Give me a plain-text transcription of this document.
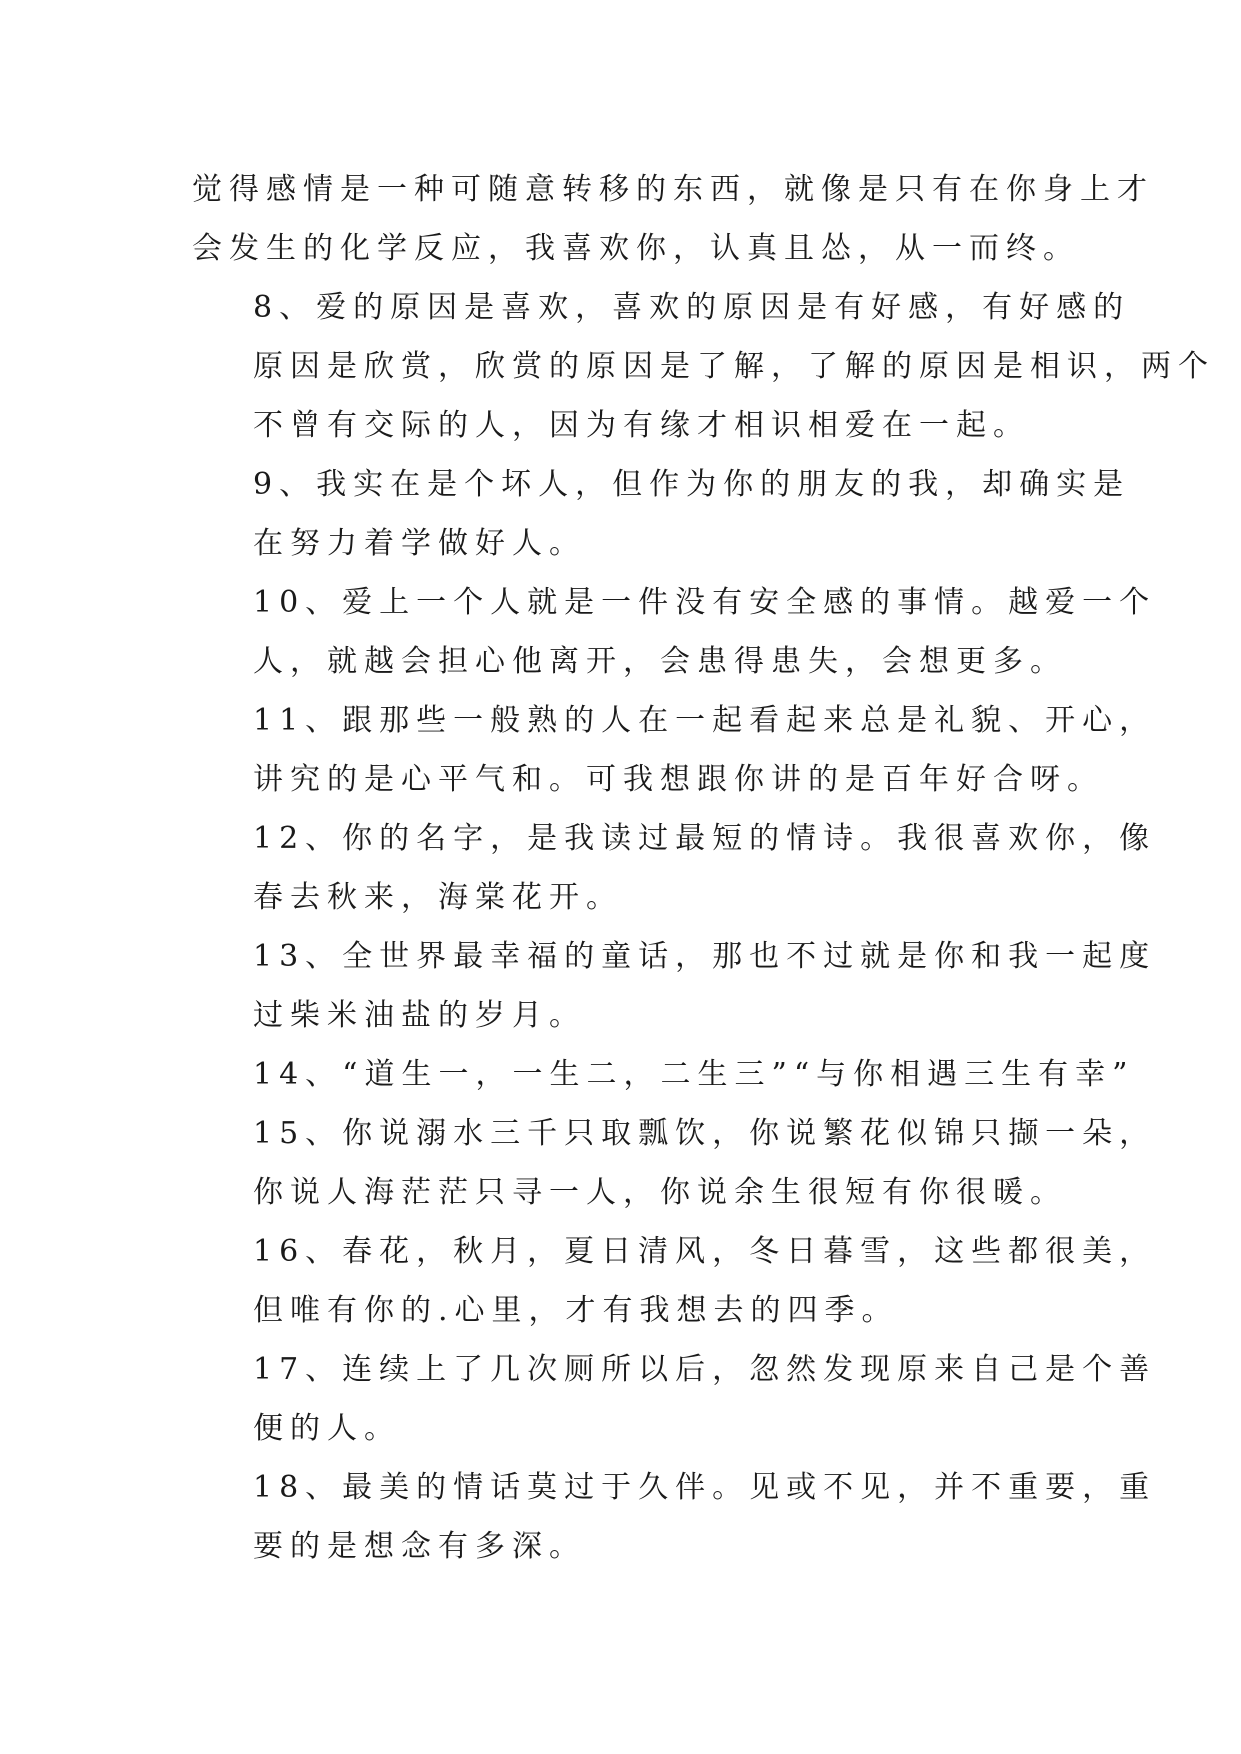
觉得感情是一种可随意转移的东西，就像是只有在你身上才
会发生的化学反应，我喜欢你，认真且怂，从一而终。

8、爱的原因是喜欢，喜欢的原因是有好感，有好感的
原因是欣赏，欣赏的原因是了解，了解的原因是相识，两个
不曾有交际的人，因为有缘才相识相爱在一起。

9、我实在是个坏人，但作为你的朋友的我，却确实是
在努力着学做好人。

10、爱上一个人就是一件没有安全感的事情。越爱一个
人，就越会担心他离开，会患得患失，会想更多。

11、跟那些一般熟的人在一起看起来总是礼貌、开心，
讲究的是心平气和。可我想跟你讲的是百年好合呀。

12、你的名字，是我读过最短的情诗。我很喜欢你，像
春去秋来，海棠花开。

13、全世界最幸福的童话，那也不过就是你和我一起度
过柴米油盐的岁月。

14、“道生一，一生二，二生三”“与你相遇三生有幸”

15、你说溺水三千只取瓢饮，你说繁花似锦只撷一朵，
你说人海茫茫只寻一人，你说余生很短有你很暖。

16、春花，秋月，夏日清风，冬日暮雪，这些都很美，
但唯有你的.心里，才有我想去的四季。

17、连续上了几次厕所以后，忽然发现原来自己是个善
便的人。

18、最美的情话莫过于久伴。见或不见，并不重要，重
要的是想念有多深。
